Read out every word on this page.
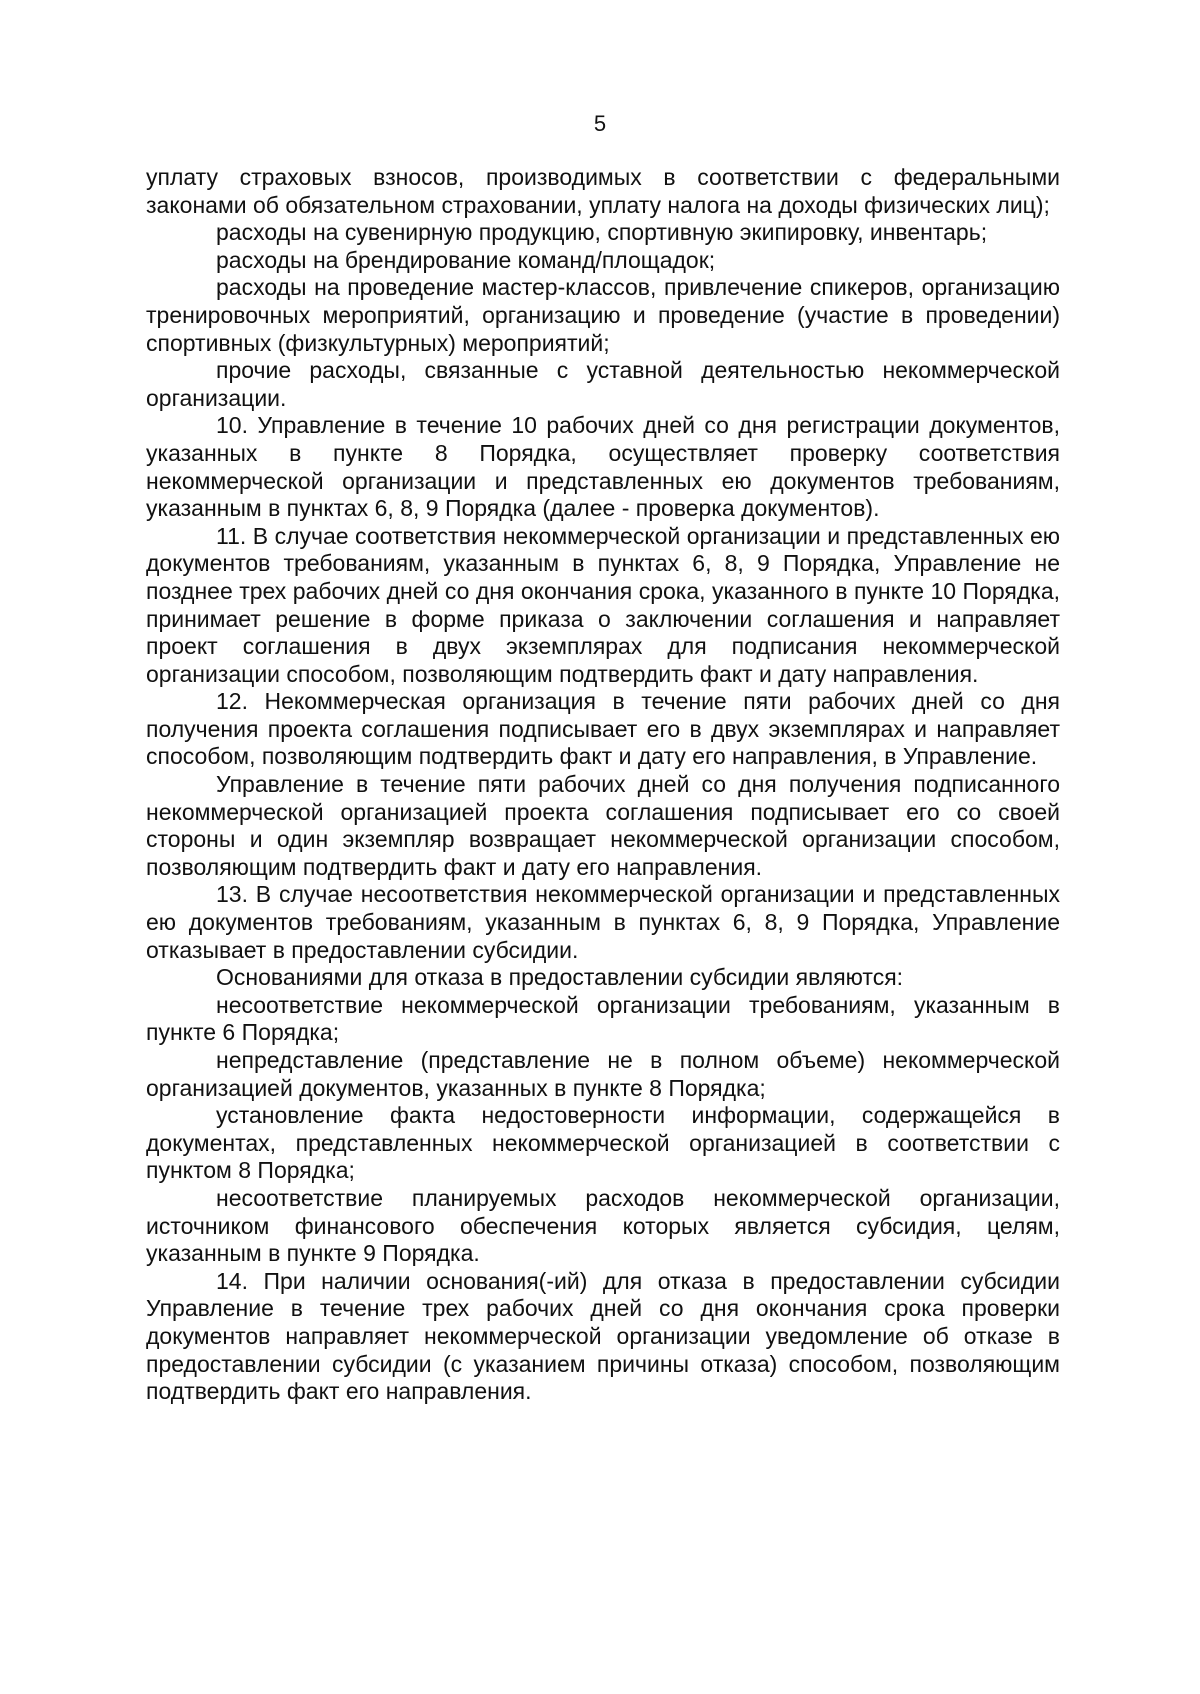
5

уплату страховых взносов, производимых в соответствии с федеральными законами об обязательном страховании, уплату налога на доходы физических лиц);

расходы на сувенирную продукцию, спортивную экипировку, инвентарь;

расходы на брендирование команд/площадок;

расходы на проведение мастер-классов, привлечение спикеров, организацию тренировочных мероприятий, организацию и проведение (участие в проведении) спортивных (физкультурных) мероприятий;

прочие расходы, связанные с уставной деятельностью некоммерческой организации.

10. Управление в течение 10 рабочих дней со дня регистрации документов, указанных в пункте 8 Порядка, осуществляет проверку соответствия некоммерческой организации и представленных ею документов требованиям, указанным в пунктах 6, 8, 9 Порядка (далее - проверка документов).

11. В случае соответствия некоммерческой организации и представленных ею документов требованиям, указанным в пунктах 6, 8, 9 Порядка, Управление не позднее трех рабочих дней со дня окончания срока, указанного в пункте 10 Порядка, принимает решение в форме приказа о заключении соглашения и направляет проект соглашения в двух экземплярах для подписания некоммерческой организации способом, позволяющим подтвердить факт и дату направления.

12. Некоммерческая организация в течение пяти рабочих дней со дня получения проекта соглашения подписывает его в двух экземплярах и направляет способом, позволяющим подтвердить факт и дату его направления, в Управление.

Управление в течение пяти рабочих дней со дня получения подписанного некоммерческой организацией проекта соглашения подписывает его со своей стороны и один экземпляр возвращает некоммерческой организации способом, позволяющим подтвердить факт и дату его направления.

13. В случае несоответствия некоммерческой организации и представленных ею документов требованиям, указанным в пунктах 6, 8, 9 Порядка, Управление отказывает в предоставлении субсидии.

Основаниями для отказа в предоставлении субсидии являются:

несоответствие некоммерческой организации требованиям, указанным в пункте 6 Порядка;

непредставление (представление не в полном объеме) некоммерческой организацией документов, указанных в пункте 8 Порядка;

установление факта недостоверности информации, содержащейся в документах, представленных некоммерческой организацией в соответствии с пунктом 8 Порядка;

несоответствие планируемых расходов некоммерческой организации, источником финансового обеспечения которых является субсидия, целям, указанным в пункте 9 Порядка.

14. При наличии основания(-ий) для отказа в предоставлении субсидии Управление в течение трех рабочих дней со дня окончания срока проверки документов направляет некоммерческой организации уведомление об отказе в предоставлении субсидии (с указанием причины отказа) способом, позволяющим подтвердить факт его направления.
